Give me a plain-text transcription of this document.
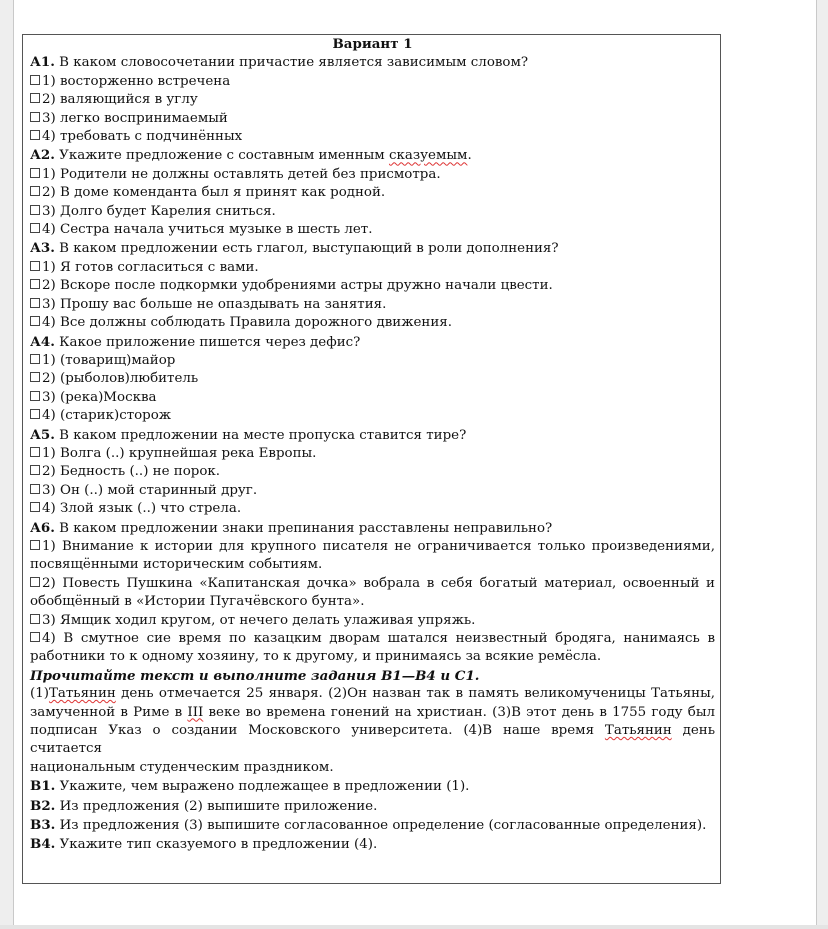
Вариант 1
А1. В каком словосочетании причастие является зависимым словом?
1) восторженно встречена
2) валяющийся в углу
3) легко воспринимаемый
4) требовать с подчинённых
А2. Укажите предложение с составным именным сказуемым.
1) Родители не должны оставлять детей без присмотра.
2) В доме коменданта был я принят как родной.
3) Долго будет Карелия сниться.
4) Сестра начала учиться музыке в шесть лет.
А3. В каком предложении есть глагол, выступающий в роли дополнения?
1) Я готов согласиться с вами.
2) Вскоре после подкормки удобрениями астры дружно начали цвести.
3) Прошу вас больше не опаздывать на занятия.
4) Все должны соблюдать Правила дорожного движения.
А4. Какое приложение пишется через дефис?
1) (товарищ)майор
2) (рыболов)любитель
3) (река)Москва
4) (старик)сторож
А5. В каком предложении на месте пропуска ставится тире?
1) Волга (..) крупнейшая река Европы.
2) Бедность (..) не порок.
3) Он (..) мой старинный друг.
4) Злой язык (..) что стрела.
А6. В каком предложении знаки препинания расставлены неправильно?
1) Внимание к истории для крупного писателя не ограничивается только произведениями,
посвящёнными историческим событиям.
2) Повесть Пушкина «Капитанская дочка» вобрала в себя богатый материал, освоенный и
обобщённый в «Истории Пугачёвского бунта».
3) Ямщик ходил кругом, от нечего делать улаживая упряжь.
4) В смутное сие время по казацким дворам шатался неизвестный бродяга, нанимаясь в
работники то к одному хозяину, то к другому, и принимаясь за всякие ремёсла.
Прочитайте текст и выполните задания В1—В4 и С1.
(1)Татьянин день отмечается 25 января. (2)Он назван так в память великомученицы Татьяны,
замученной в Риме в III веке во времена гонений на христиан. (3)В этот день в 1755 году был
подписан Указ о создании Московского университета. (4)В наше время Татьянин день считается
национальным студенческим праздником.
В1. Укажите, чем выражено подлежащее в предложении (1).
В2. Из предложения (2) выпишите приложение.
В3. Из предложения (3) выпишите согласованное определение (согласованные определения).
В4. Укажите тип сказуемого в предложении (4).
